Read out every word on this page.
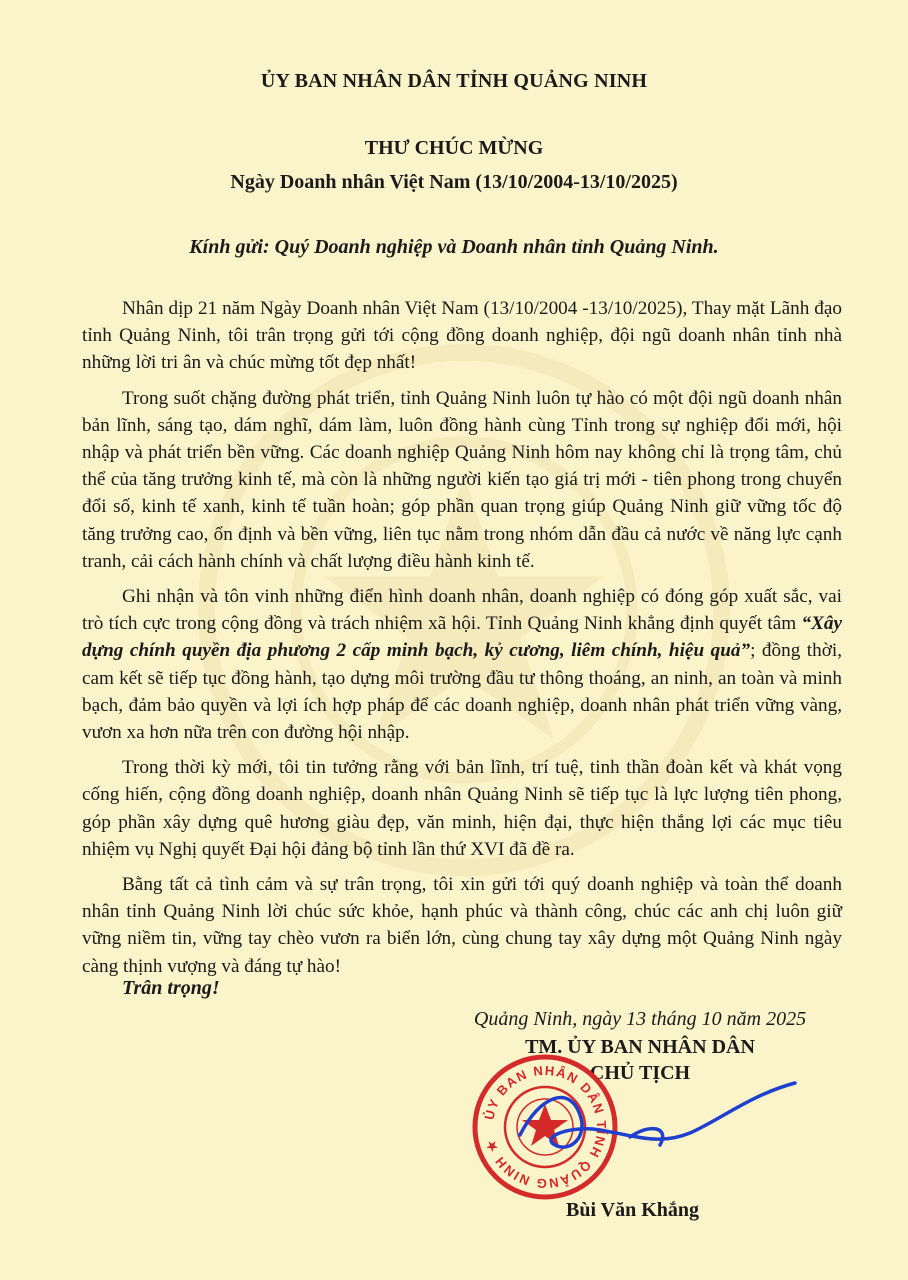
ỦY BAN NHÂN DÂN TỈNH QUẢNG NINH
THƯ CHÚC MỪNG
Ngày Doanh nhân Việt Nam (13/10/2004-13/10/2025)
Kính gửi: Quý Doanh nghiệp và Doanh nhân tỉnh Quảng Ninh.

Nhân dịp 21 năm Ngày Doanh nhân Việt Nam (13/10/2004 -13/10/2025), Thay mặt Lãnh đạo tỉnh Quảng Ninh, tôi trân trọng gửi tới cộng đồng doanh nghiệp, đội ngũ doanh nhân tỉnh nhà những lời tri ân và chúc mừng tốt đẹp nhất!

Trong suốt chặng đường phát triển, tỉnh Quảng Ninh luôn tự hào có một đội ngũ doanh nhân bản lĩnh, sáng tạo, dám nghĩ, dám làm, luôn đồng hành cùng Tỉnh trong sự nghiệp đổi mới, hội nhập và phát triển bền vững. Các doanh nghiệp Quảng Ninh hôm nay không chỉ là trọng tâm, chủ thể của tăng trưởng kinh tế, mà còn là những người kiến tạo giá trị mới - tiên phong trong chuyển đổi số, kinh tế xanh, kinh tế tuần hoàn; góp phần quan trọng giúp Quảng Ninh giữ vững tốc độ tăng trưởng cao, ổn định và bền vững, liên tục nằm trong nhóm dẫn đầu cả nước về năng lực cạnh tranh, cải cách hành chính và chất lượng điều hành kinh tế.

Ghi nhận và tôn vinh những điển hình doanh nhân, doanh nghiệp có đóng góp xuất sắc, vai trò tích cực trong cộng đồng và trách nhiệm xã hội. Tỉnh Quảng Ninh khẳng định quyết tâm “Xây dựng chính quyền địa phương 2 cấp minh bạch, kỷ cương, liêm chính, hiệu quả”; đồng thời, cam kết sẽ tiếp tục đồng hành, tạo dựng môi trường đầu tư thông thoáng, an ninh, an toàn và minh bạch, đảm bảo quyền và lợi ích hợp pháp để các doanh nghiệp, doanh nhân phát triển vững vàng, vươn xa hơn nữa trên con đường hội nhập.

Trong thời kỳ mới, tôi tin tưởng rằng với bản lĩnh, trí tuệ, tinh thần đoàn kết và khát vọng cống hiến, cộng đồng doanh nghiệp, doanh nhân Quảng Ninh sẽ tiếp tục là lực lượng tiên phong, góp phần xây dựng quê hương giàu đẹp, văn minh, hiện đại, thực hiện thắng lợi các mục tiêu nhiệm vụ Nghị quyết Đại hội đảng bộ tỉnh lần thứ XVI đã đề ra.

Bằng tất cả tình cảm và sự trân trọng, tôi xin gửi tới quý doanh nghiệp và toàn thể doanh nhân tỉnh Quảng Ninh lời chúc sức khỏe, hạnh phúc và thành công, chúc các anh chị luôn giữ vững niềm tin, vững tay chèo vươn ra biển lớn, cùng chung tay xây dựng một Quảng Ninh ngày càng thịnh vượng và đáng tự hào!

Trân trọng!
Quảng Ninh, ngày 13 tháng 10 năm 2025
TM. ỦY BAN NHÂN DÂN
CHỦ TỊCH
ỦY BAN NHÂN DÂN TỈNH QUẢNG NINH ★
Bùi Văn Khắng
